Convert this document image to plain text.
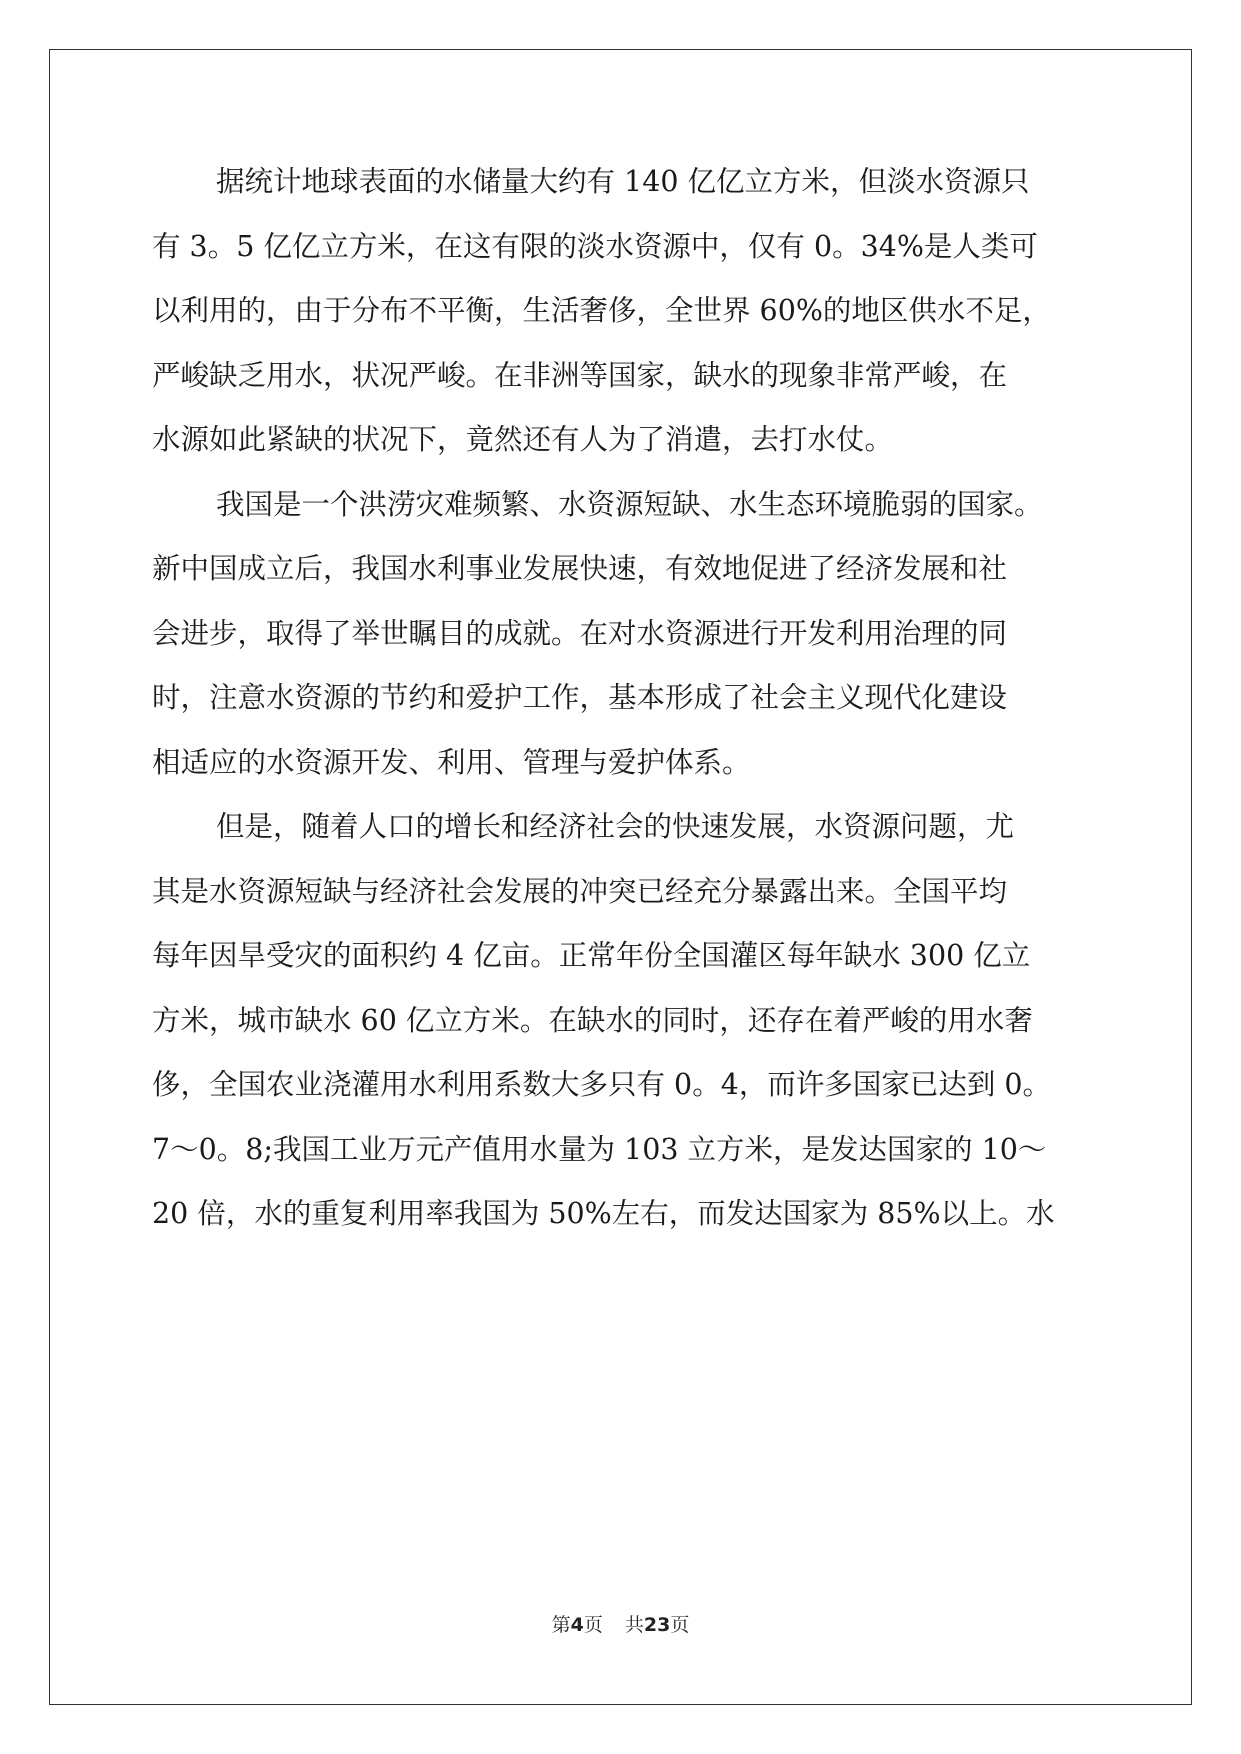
据统计地球表面的水储量大约有 140 亿亿立方米，但淡水资源只
有 3。5 亿亿立方米，在这有限的淡水资源中，仅有 0。34%是人类可
以利用的，由于分布不平衡，生活奢侈，全世界 60%的地区供水不足，
严峻缺乏用水，状况严峻。在非洲等国家，缺水的现象非常严峻，在
水源如此紧缺的状况下，竟然还有人为了消遣，去打水仗。
我国是一个洪涝灾难频繁、水资源短缺、水生态环境脆弱的国家。
新中国成立后，我国水利事业发展快速，有效地促进了经济发展和社
会进步，取得了举世瞩目的成就。在对水资源进行开发利用治理的同
时，注意水资源的节约和爱护工作，基本形成了社会主义现代化建设
相适应的水资源开发、利用、管理与爱护体系。
但是，随着人口的增长和经济社会的快速发展，水资源问题，尤
其是水资源短缺与经济社会发展的冲突已经充分暴露出来。全国平均
每年因旱受灾的面积约 4 亿亩。正常年份全国灌区每年缺水 300 亿立
方米，城市缺水 60 亿立方米。在缺水的同时，还存在着严峻的用水奢
侈，全国农业浇灌用水利用系数大多只有 0。4，而许多国家已达到 0。
7～0。8;我国工业万元产值用水量为 103 立方米，是发达国家的 10～
20 倍，水的重复利用率我国为 50%左右，而发达国家为 85%以上。水
第4页 共23页
